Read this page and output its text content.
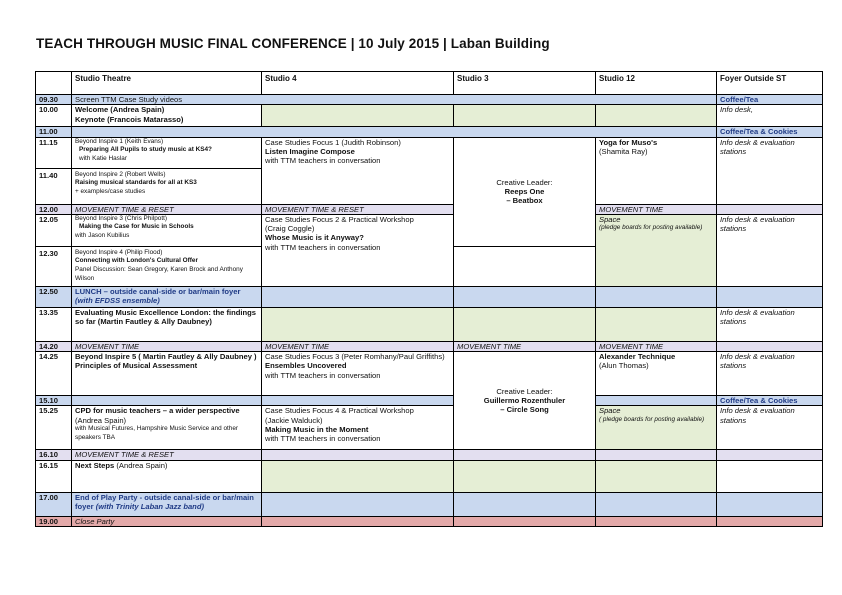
TEACH THROUGH MUSIC FINAL CONFERENCE | 10 July 2015 | Laban Building
	Studio Theatre	Studio 4	Studio 3	Studio 12	Foyer Outside ST
09.30	Screen TTM Case Study videos				Coffee/Tea
10.00	Welcome (Andrea Spain)
Keynote (Francois Matarasso)				Info desk,
11.00					Coffee/Tea & Cookies
11.15	Beyond Inspire 1 (Keith Evans)
Preparing All Pupils to study music at KS4?
with Katie Haslar	Case Studies Focus 1 (Judith Robinson)
Listen Imagine Compose
with TTM teachers in conversation	Creative Leader:
Reeps One
– Beatbox	Yoga for Muso's
(Shamita Ray)	Info desk & evaluation stations
11.40	Beyond Inspire 2 (Robert Wells)
Raising musical standards for all at KS3
+ examples/case studies				

12.00	MOVEMENT TIME & RESET	MOVEMENT TIME & RESET		MOVEMENT TIME	
12.05	Beyond Inspire 3 (Chris Philpott)
Making the Case for Music in Schools
with Jason Kubilius	Case Studies Focus 2 & Practical Workshop
(Craig Coggle)
Whose Music is it Anyway?
with TTM teachers in conversation		Space
(pledge boards for posting available)	Info desk & evaluation stations
12.30	Beyond Inspire 4 (Philip Flood)
Connecting with London's Cultural Offer
Panel Discussion: Sean Gregory, Karen Brock and Anthony Wilson				

12.50	LUNCH – outside canal-side or bar/main foyer (with EFDSS ensemble)				
13.35	Evaluating Music Excellence London: the findings so far (Martin Fautley & Ally Daubney)				Info desk & evaluation stations
14.20	MOVEMENT TIME	MOVEMENT TIME	MOVEMENT TIME	MOVEMENT TIME	
14.25	Beyond Inspire 5 ( Martin Fautley & Ally Daubney ) Principles of Musical Assessment	Case Studies Focus 3 (Peter Romhany/Paul Griffiths)
Ensembles Uncovered
with TTM teachers in conversation	Creative Leader:
Guillermo Rozenthuler
– Circle Song	Alexander Technique
(Alun Thomas)	Info desk & evaluation stations
15.10					Coffee/Tea & Cookies
15.25	CPD for music teachers – a wider perspective (Andrea Spain)
with Musical Futures, Hampshire Music Service and other speakers TBA	Case Studies Focus 4 & Practical Workshop
(Jackie Walduck)
Making Music in the Moment
with TTM teachers in conversation		Space
( pledge boards for posting available)	Info desk & evaluation stations
16.10	MOVEMENT TIME & RESET				
16.15	Next Steps (Andrea Spain)				
17.00	End of Play Party - outside canal-side or bar/main foyer (with Trinity Laban Jazz band)				
19.00	Close Party				
